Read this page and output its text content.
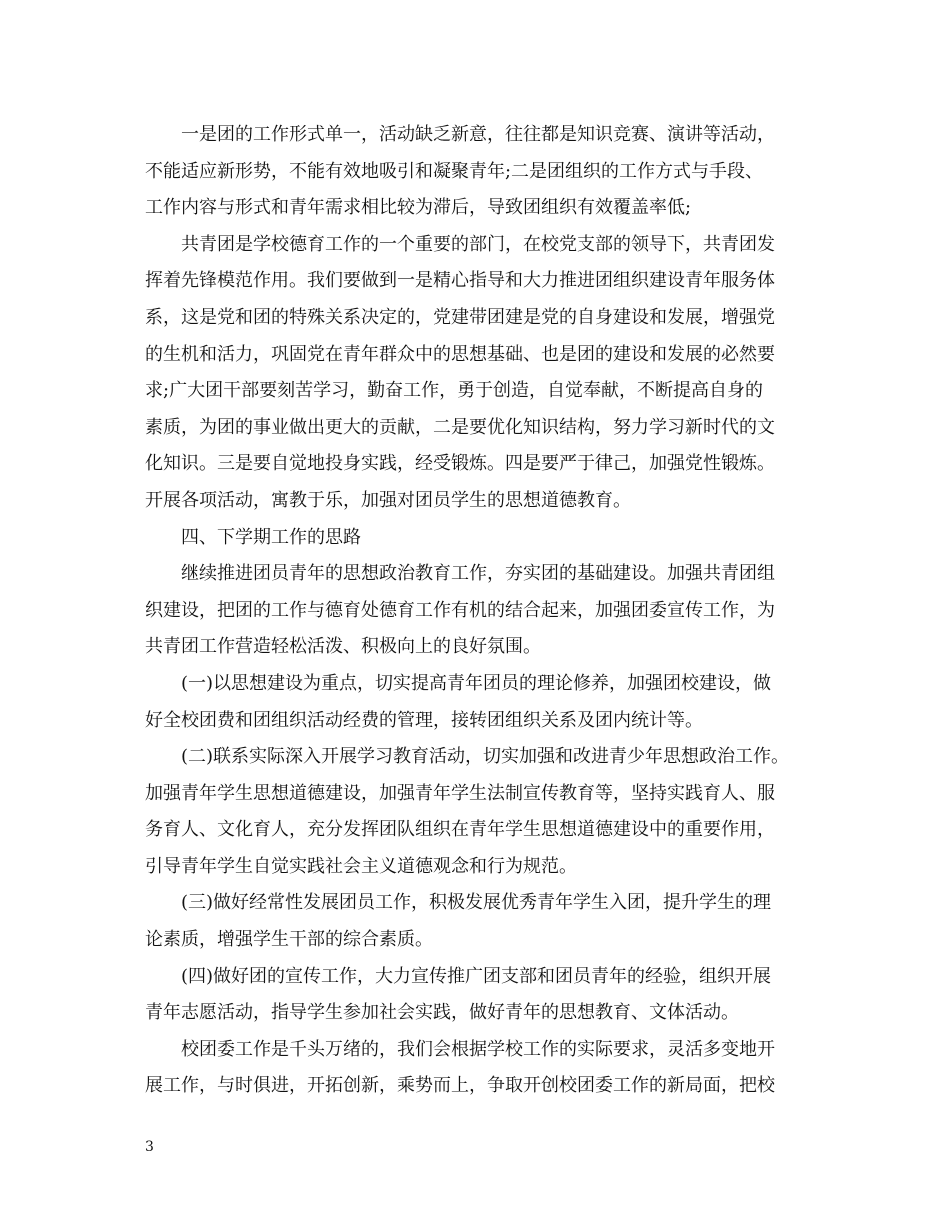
一是团的工作形式单一，活动缺乏新意，往往都是知识竞赛、演讲等活动，
不能适应新形势，不能有效地吸引和凝聚青年;二是团组织的工作方式与手段、
工作内容与形式和青年需求相比较为滞后，导致团组织有效覆盖率低;
共青团是学校德育工作的一个重要的部门，在校党支部的领导下，共青团发
挥着先锋模范作用。我们要做到一是精心指导和大力推进团组织建设青年服务体
系，这是党和团的特殊关系决定的，党建带团建是党的自身建设和发展，增强党
的生机和活力，巩固党在青年群众中的思想基础、也是团的建设和发展的必然要
求;广大团干部要刻苦学习，勤奋工作，勇于创造，自觉奉献，不断提高自身的
素质，为团的事业做出更大的贡献，二是要优化知识结构，努力学习新时代的文
化知识。三是要自觉地投身实践，经受锻炼。四是要严于律己，加强党性锻炼。
开展各项活动，寓教于乐，加强对团员学生的思想道德教育。
四、下学期工作的思路
继续推进团员青年的思想政治教育工作，夯实团的基础建设。加强共青团组
织建设，把团的工作与德育处德育工作有机的结合起来，加强团委宣传工作，为
共青团工作营造轻松活泼、积极向上的良好氛围。
(一)以思想建设为重点，切实提高青年团员的理论修养，加强团校建设，做
好全校团费和团组织活动经费的管理，接转团组织关系及团内统计等。
(二)联系实际深入开展学习教育活动，切实加强和改进青少年思想政治工作。
加强青年学生思想道德建设，加强青年学生法制宣传教育等，坚持实践育人、服
务育人、文化育人，充分发挥团队组织在青年学生思想道德建设中的重要作用，
引导青年学生自觉实践社会主义道德观念和行为规范。
(三)做好经常性发展团员工作，积极发展优秀青年学生入团，提升学生的理
论素质，增强学生干部的综合素质。
(四)做好团的宣传工作，大力宣传推广团支部和团员青年的经验，组织开展
青年志愿活动，指导学生参加社会实践，做好青年的思想教育、文体活动。
校团委工作是千头万绪的，我们会根据学校工作的实际要求，灵活多变地开
展工作，与时俱进，开拓创新，乘势而上，争取开创校团委工作的新局面，把校
3
